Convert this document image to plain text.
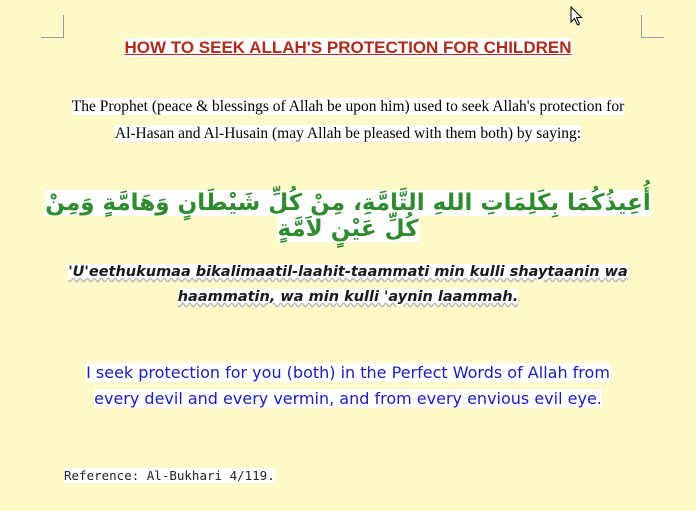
HOW TO SEEK ALLAH'S PROTECTION FOR CHILDREN
The Prophet (peace & blessings of Allah be upon him) used to seek Allah's protection for
Al-Hasan and Al-Husain (may Allah be pleased with them both) by saying:
أُعِيذُكُمَا بِكَلِمَاتِ اللهِ التَّامَّةِ، مِنْ كُلِّ شَيْطَانٍ وَهَامَّةٍ وَمِنْ كُلِّ عَيْنٍ لاَمَّةٍ
'U'eethukumaa bikalimaatil-laahit-taammati min kulli shaytaanin wa
haammatin, wa min kulli 'aynin laammah.
I seek protection for you (both) in the Perfect Words of Allah from
every devil and every vermin, and from every envious evil eye.
Reference: Al-Bukhari 4/119.
